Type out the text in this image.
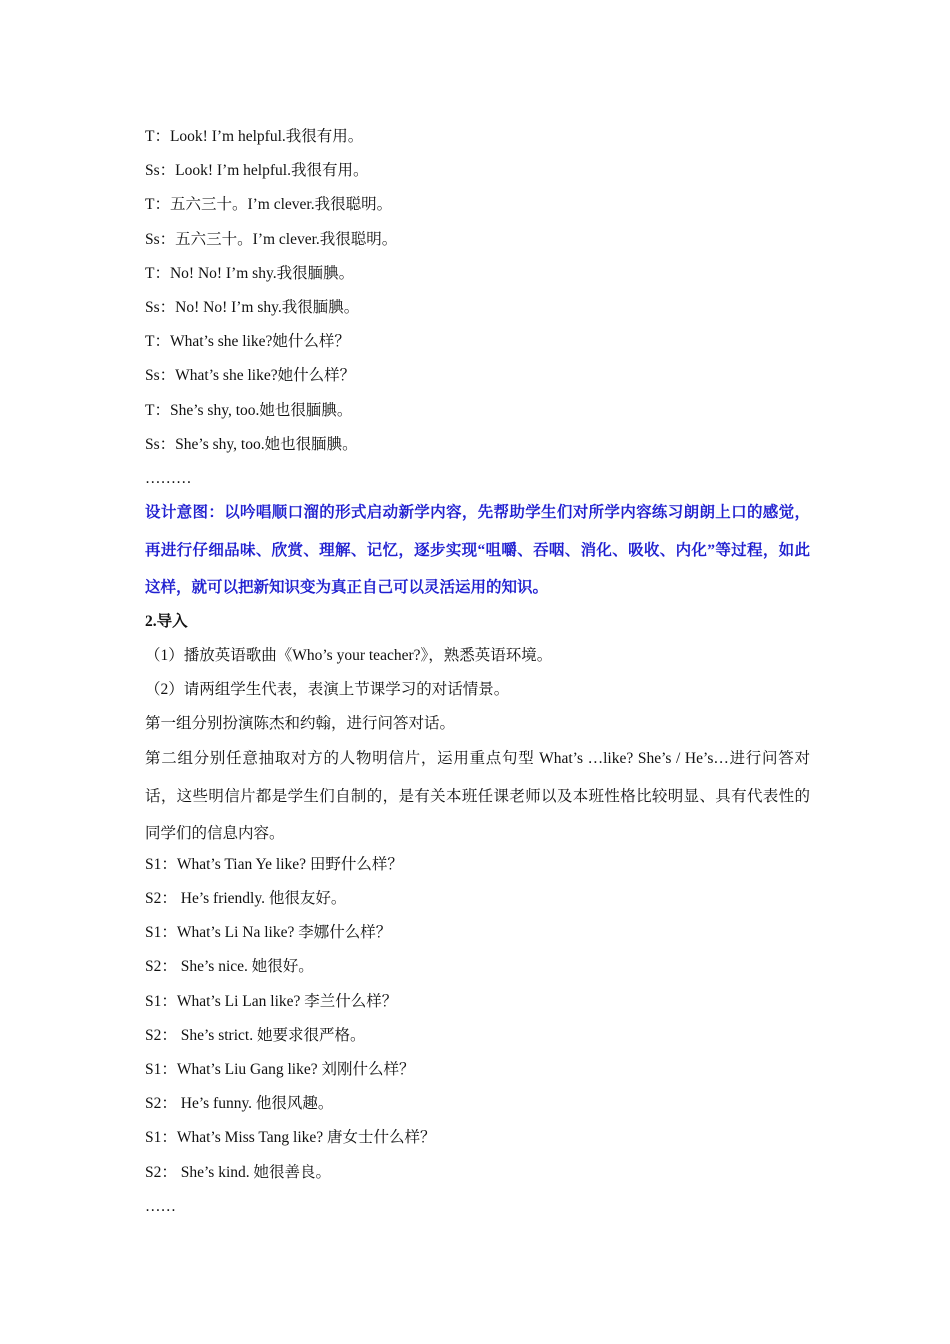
T：Look! I’m helpful.我很有用。
Ss：Look! I’m helpful.我很有用。
T：五六三十。I’m clever.我很聪明。
Ss：五六三十。I’m clever.我很聪明。
T：No! No! I’m shy.我很腼腆。
Ss：No! No! I’m shy.我很腼腆。
T：What’s she like?她什么样？
Ss：What’s she like?她什么样？
T：She’s shy, too.她也很腼腆。
Ss：She’s shy, too.她也很腼腆。
………
设计意图：以吟唱顺口溜的形式启动新学内容，先帮助学生们对所学内容练习朗朗上口的感觉，再进行仔细品味、欣赏、理解、记忆，逐步实现“咀嚼、吞咽、消化、吸收、内化”等过程，如此这样，就可以把新知识变为真正自己可以灵活运用的知识。
2.导入
（1）播放英语歌曲《Who’s your teacher?》，熟悉英语环境。
（2）请两组学生代表，表演上节课学习的对话情景。
第一组分别扮演陈杰和约翰，进行问答对话。
第二组分别任意抽取对方的人物明信片，运用重点句型 What’s …like? She’s / He’s…进行问答对话，这些明信片都是学生们自制的，是有关本班任课老师以及本班性格比较明显、具有代表性的同学们的信息内容。
S1：What’s Tian Ye like? 田野什么样？
S2： He’s friendly. 他很友好。
S1：What’s Li Na like? 李娜什么样？
S2： She’s nice. 她很好。
S1：What’s Li Lan like? 李兰什么样？
S2： She’s strict. 她要求很严格。
S1：What’s Liu Gang like? 刘刚什么样？
S2： He’s funny. 他很风趣。
S1：What’s Miss Tang like? 唐女士什么样？
S2： She’s kind. 她很善良。
……
